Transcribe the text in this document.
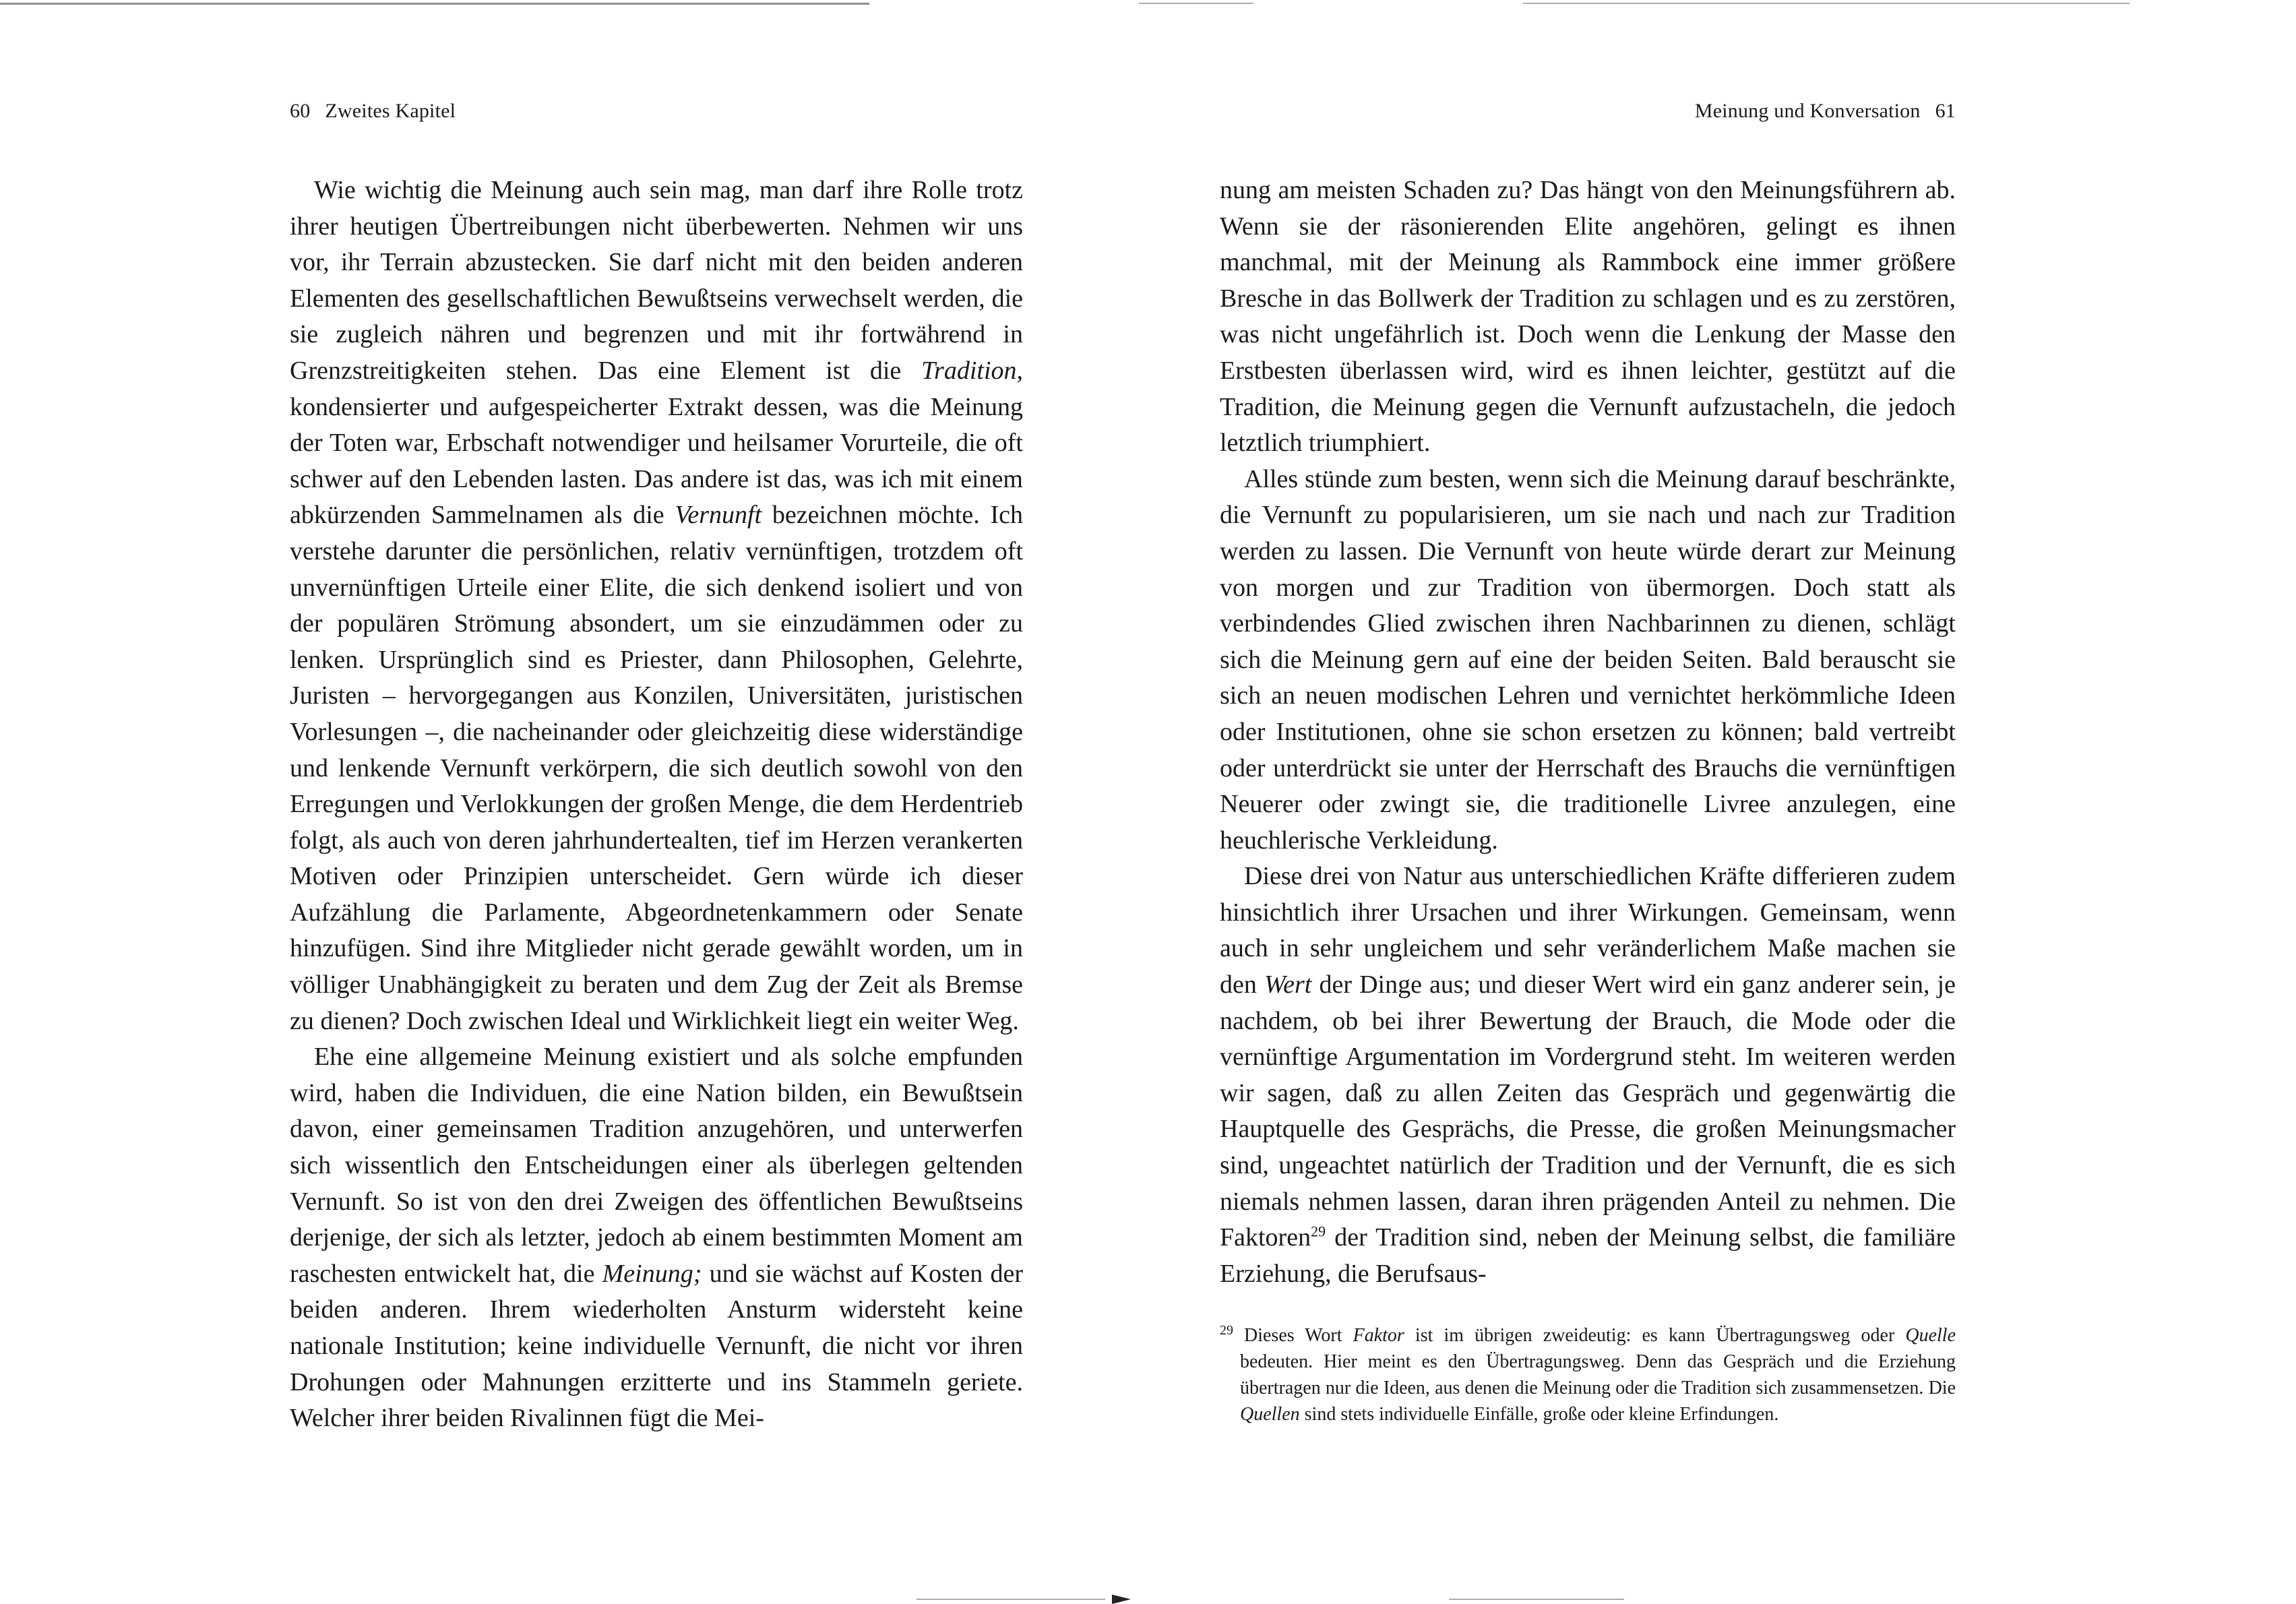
60 Zweites Kapitel

Wie wichtig die Meinung auch sein mag, man darf ihre Rolle trotz ihrer heutigen Übertreibungen nicht überbewerten. Nehmen wir uns vor, ihr Terrain abzustecken. Sie darf nicht mit den beiden anderen Elementen des gesellschaftlichen Bewußtseins verwechselt werden, die sie zugleich nähren und begrenzen und mit ihr fortwährend in Grenzstreitigkeiten stehen. Das eine Element ist die Tradition, kondensierter und aufgespeicherter Extrakt dessen, was die Meinung der Toten war, Erbschaft notwendiger und heilsamer Vorurteile, die oft schwer auf den Lebenden lasten. Das andere ist das, was ich mit einem abkürzenden Sammelnamen als die Vernunft bezeichnen möchte. Ich verstehe darunter die persönlichen, relativ vernünftigen, trotzdem oft unvernünftigen Urteile einer Elite, die sich denkend isoliert und von der populären Strömung absondert, um sie einzudämmen oder zu lenken. Ursprünglich sind es Priester, dann Philosophen, Gelehrte, Juristen – hervorgegangen aus Konzilen, Universitäten, juristischen Vorlesungen –, die nacheinander oder gleichzeitig diese widerständige und lenkende Vernunft verkörpern, die sich deutlich sowohl von den Erregungen und Verlokkungen der großen Menge, die dem Herdentrieb folgt, als auch von deren jahrhundertealten, tief im Herzen verankerten Motiven oder Prinzipien unterscheidet. Gern würde ich dieser Aufzählung die Parlamente, Abgeordnetenkammern oder Senate hinzufügen. Sind ihre Mitglieder nicht gerade gewählt worden, um in völliger Unabhängigkeit zu beraten und dem Zug der Zeit als Bremse zu dienen? Doch zwischen Ideal und Wirklichkeit liegt ein weiter Weg.

Ehe eine allgemeine Meinung existiert und als solche empfunden wird, haben die Individuen, die eine Nation bilden, ein Bewußtsein davon, einer gemeinsamen Tradition anzugehören, und unterwerfen sich wissentlich den Entscheidungen einer als überlegen geltenden Vernunft. So ist von den drei Zweigen des öffentlichen Bewußtseins derjenige, der sich als letzter, jedoch ab einem bestimmten Moment am raschesten entwickelt hat, die Meinung; und sie wächst auf Kosten der beiden anderen. Ihrem wiederholten Ansturm widersteht keine nationale Institution; keine individuelle Vernunft, die nicht vor ihren Drohungen oder Mahnungen erzitterte und ins Stammeln geriete. Welcher ihrer beiden Rivalinnen fügt die Mei-

Meinung und Konversation 61

nung am meisten Schaden zu? Das hängt von den Meinungsführern ab. Wenn sie der räsonierenden Elite angehören, gelingt es ihnen manchmal, mit der Meinung als Rammbock eine immer größere Bresche in das Bollwerk der Tradition zu schlagen und es zu zerstören, was nicht ungefährlich ist. Doch wenn die Lenkung der Masse den Erstbesten überlassen wird, wird es ihnen leichter, gestützt auf die Tradition, die Meinung gegen die Vernunft aufzustacheln, die jedoch letztlich triumphiert.

Alles stünde zum besten, wenn sich die Meinung darauf beschränkte, die Vernunft zu popularisieren, um sie nach und nach zur Tradition werden zu lassen. Die Vernunft von heute würde derart zur Meinung von morgen und zur Tradition von übermorgen. Doch statt als verbindendes Glied zwischen ihren Nachbarinnen zu dienen, schlägt sich die Meinung gern auf eine der beiden Seiten. Bald berauscht sie sich an neuen modischen Lehren und vernichtet herkömmliche Ideen oder Institutionen, ohne sie schon ersetzen zu können; bald vertreibt oder unterdrückt sie unter der Herrschaft des Brauchs die vernünftigen Neuerer oder zwingt sie, die traditionelle Livree anzulegen, eine heuchlerische Verkleidung.

Diese drei von Natur aus unterschiedlichen Kräfte differieren zudem hinsichtlich ihrer Ursachen und ihrer Wirkungen. Gemeinsam, wenn auch in sehr ungleichem und sehr veränderlichem Maße machen sie den Wert der Dinge aus; und dieser Wert wird ein ganz anderer sein, je nachdem, ob bei ihrer Bewertung der Brauch, die Mode oder die vernünftige Argumentation im Vordergrund steht. Im weiteren werden wir sagen, daß zu allen Zeiten das Gespräch und gegenwärtig die Hauptquelle des Gesprächs, die Presse, die großen Meinungsmacher sind, ungeachtet natürlich der Tradition und der Vernunft, die es sich niemals nehmen lassen, daran ihren prägenden Anteil zu nehmen. Die Faktoren$^{29}$ der Tradition sind, neben der Meinung selbst, die familiäre Erziehung, die Berufsaus-

$^{29}$ Dieses Wort Faktor ist im übrigen zweideutig: es kann Übertragungsweg oder Quelle bedeuten. Hier meint es den Übertragungsweg. Denn das Gespräch und die Erziehung übertragen nur die Ideen, aus denen die Meinung oder die Tradition sich zusammensetzen. Die Quellen sind stets individuelle Einfälle, große oder kleine Erfindungen.
